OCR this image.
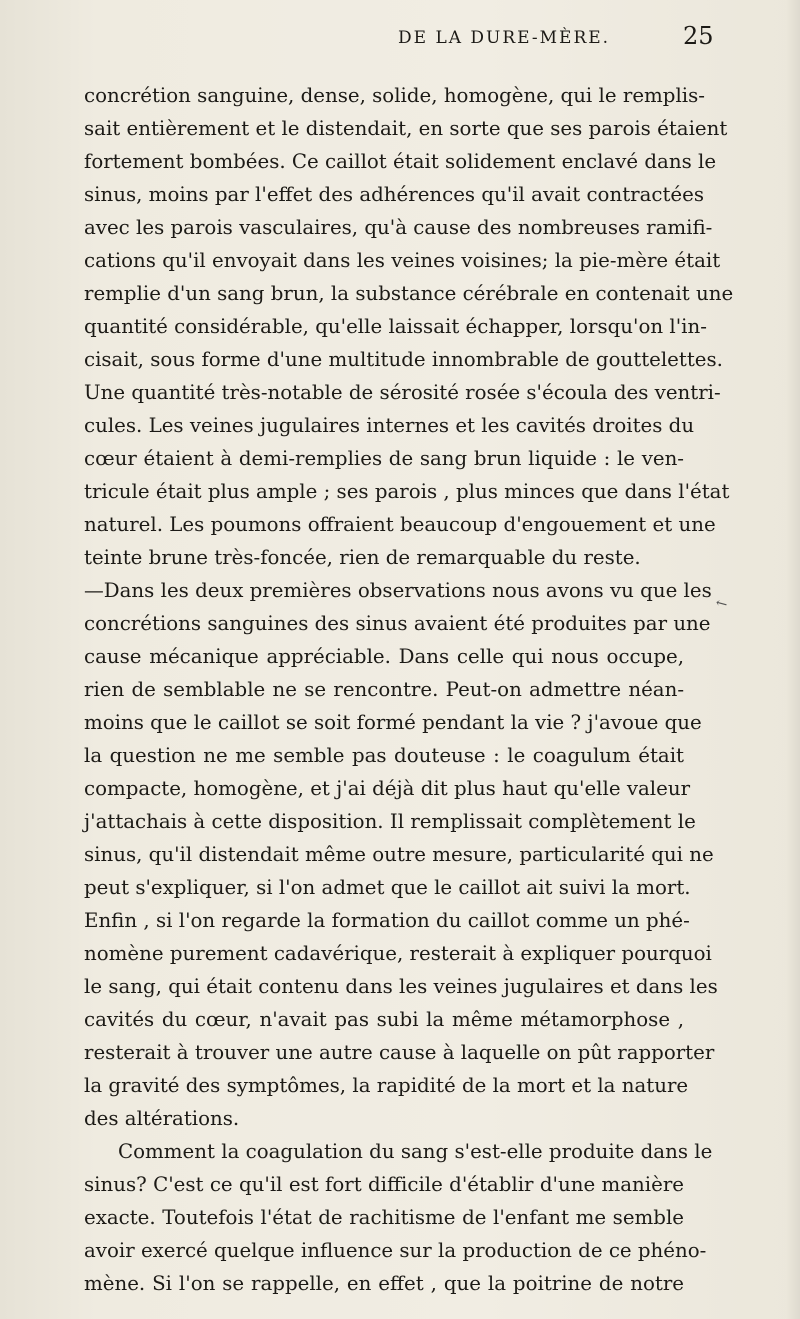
DE LA DURE-MÈRE.	25
↖
concrétion sanguine, dense, solide, homogène, qui le remplis-
sait entièrement et le distendait, en sorte que ses parois étaient
fortement bombées. Ce caillot était solidement enclavé dans le
sinus, moins par l'effet des adhérences qu'il avait contractées
avec les parois vasculaires, qu'à cause des nombreuses ramifi-
cations qu'il envoyait dans les veines voisines; la pie-mère était
remplie d'un sang brun, la substance cérébrale en contenait une
quantité considérable, qu'elle laissait échapper, lorsqu'on l'in-
cisait, sous forme d'une multitude innombrable de gouttelettes.
Une quantité très-notable de sérosité rosée s'écoula des ventri-
cules. Les veines jugulaires internes et les cavités droites du
cœur étaient à demi-remplies de sang brun liquide : le ven-
tricule était plus ample ; ses parois , plus minces que dans l'état
naturel. Les poumons offraient beaucoup d'engouement et une
teinte brune très-foncée, rien de remarquable du reste.
—Dans les deux premières observations nous avons vu que les
concrétions sanguines des sinus avaient été produites par une
cause mécanique appréciable. Dans celle qui nous occupe,
rien de semblable ne se rencontre. Peut-on admettre néan-
moins que le caillot se soit formé pendant la vie ? j'avoue que
la question ne me semble pas douteuse : le coagulum était
compacte, homogène, et j'ai déjà dit plus haut qu'elle valeur
j'attachais à cette disposition. Il remplissait complètement le
sinus, qu'il distendait même outre mesure, particularité qui ne
peut s'expliquer, si l'on admet que le caillot ait suivi la mort.
Enfin , si l'on regarde la formation du caillot comme un phé-
nomène purement cadavérique, resterait à expliquer pourquoi
le sang, qui était contenu dans les veines jugulaires et dans les
cavités du cœur, n'avait pas subi la même métamorphose ,
resterait à trouver une autre cause à laquelle on pût rapporter
la gravité des symptômes, la rapidité de la mort et la nature
des altérations.
Comment la coagulation du sang s'est-elle produite dans le
sinus? C'est ce qu'il est fort difficile d'établir d'une manière
exacte. Toutefois l'état de rachitisme de l'enfant me semble
avoir exercé quelque influence sur la production de ce phéno-
mène. Si l'on se rappelle, en effet , que la poitrine de notre
